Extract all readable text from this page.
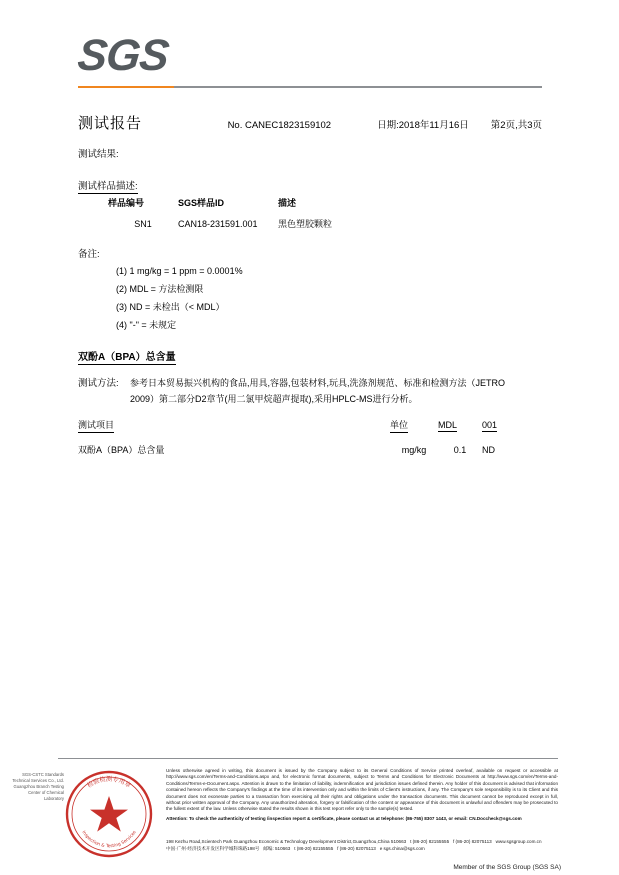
SGS
测试报告	No. CANEC1823159102	日期:2018年11月16日 第2页,共3页
测试结果:
测试样品描述:
样品编号	SGS样品ID	描述
SN1	CAN18-231591.001	黑色塑胶颗粒
备注:
(1) 1 mg/kg = 1 ppm = 0.0001%
(2) MDL = 方法检测限
(3) ND = 未检出（< MDL）
(4) "-" = 未规定
双酚A（BPA）总含量
测试方法: 参考日本贸易振兴机构的食品,用具,容器,包装材料,玩具,洗涤剂规范、标准和检测方法（JETRO 2009）第二部分D2章节(用二氯甲烷超声提取),采用HPLC-MS进行分析。
测试项目	单位	MDL	001
双酚A（BPA）总含量	mg/kg	0.1	ND
SGS-CSTC Standards Technical Services Co., Ltd. Guangzhou Branch Testing Center of Chemical Laboratory
检验检测专用章
Inspection & Testing Services
Unless otherwise agreed in writing, this document is issued by the Company subject to its General Conditions of Service printed overleaf, available on request or accessible at http://www.sgs.com/en/Terms-and-Conditions.aspx and, for electronic format documents, subject to Terms and Conditions for Electronic Documents at http://www.sgs.com/en/Terms-and-Conditions/Terms-e-Document.aspx. Attention is drawn to the limitation of liability, indemnification and jurisdiction issues defined therein. Any holder of this document is advised that information contained hereon reflects the Company's findings at the time of its intervention only and within the limits of Client's instructions, if any. The Company's sole responsibility is to its Client and this document does not exonerate parties to a transaction from exercising all their rights and obligations under the transaction documents. This document cannot be reproduced except in full, without prior written approval of the Company. Any unauthorized alteration, forgery or falsification of the content or appearance of this document is unlawful and offenders may be prosecuted to the fullest extent of the law. Unless otherwise stated the results shown in this test report refer only to the sample(s) tested.
Attention: To check the authenticity of testing /inspection report & certificate, please contact us at telephone: (86-755) 8307 1443, or email: CN.Doccheck@sgs.com
198 Kezhu Road,Scientech Park Guangzhou Economic & Technology Development District,Guangzhou,China 510663 t (86-20) 82155555 f (86-20) 82075113 www.sgsgroup.com.cn
中国·广州·经济技术开发区科学城科珠路198号 邮编: 510663 t (86-20) 82155555 f (86-20) 82075113 e sgs.china@sgs.com
Member of the SGS Group (SGS SA)
